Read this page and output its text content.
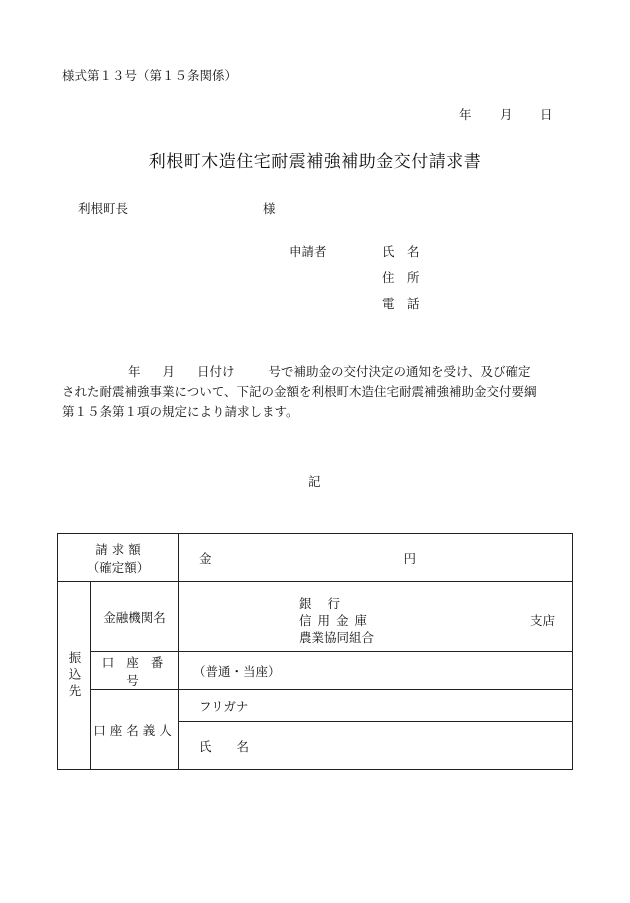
様式第１３号（第１５条関係）
年 月 日
利根町木造住宅耐震補強補助金交付請求書
利根町長	様
申請者	氏　名
住　所
電　話

年 月 日付け	号で補助金の交付決定の通知を受け、及び確定

された耐震補強事業について、下記の金額を利根町木造住宅耐震補強補助金交付要綱

第１５条第１項の規定により請求します。

記
請 求 額
（確定額）		金 円

振込先	金融機関名	銀行
信用金庫
農業協同組合
支店

	口 座 番 号	（普通・当座）
	口座名義人	フリガナ
		氏　　名
